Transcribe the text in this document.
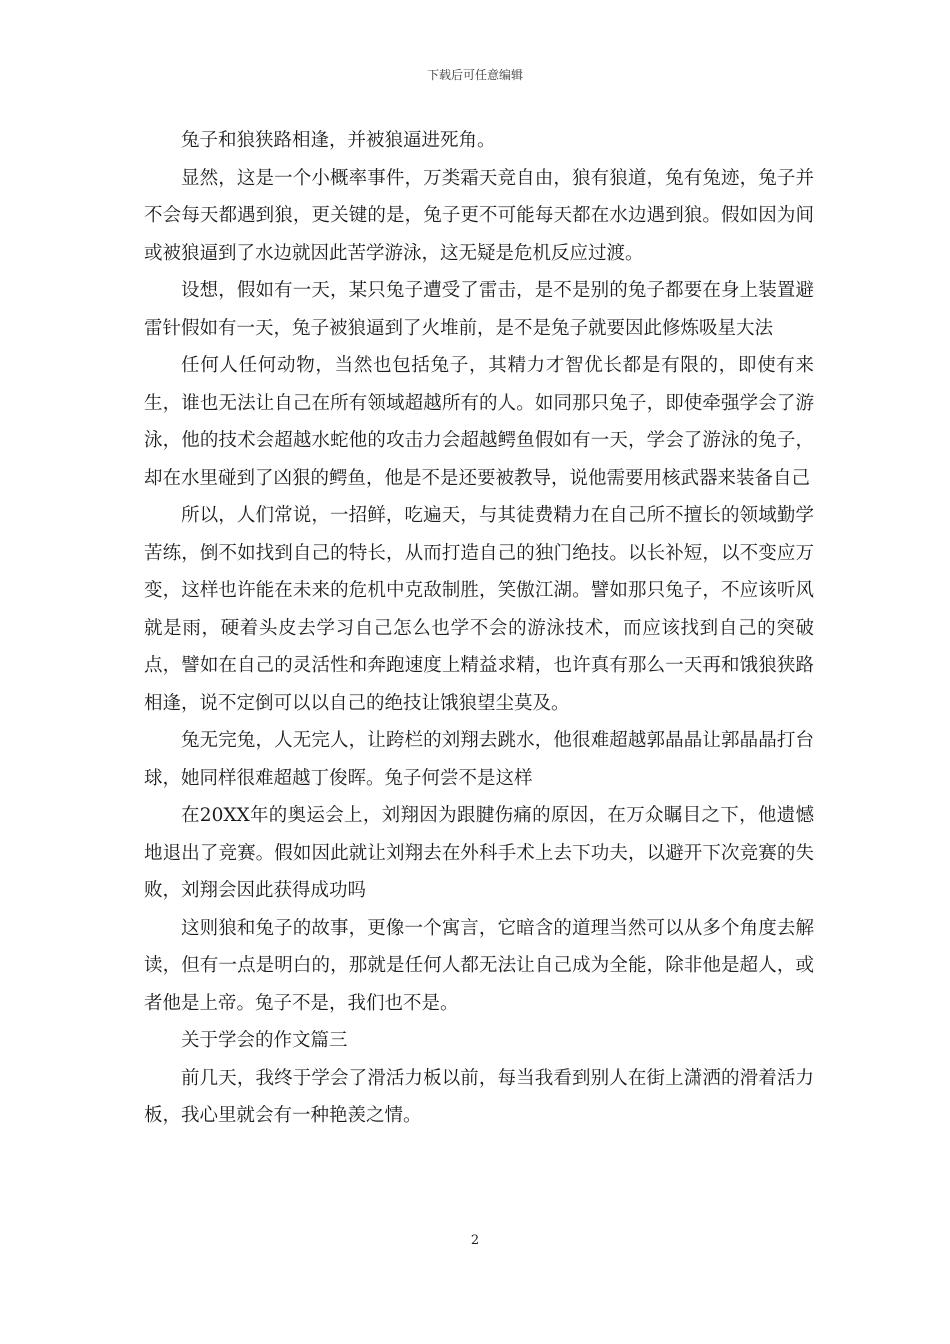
下载后可任意编辑

兔子和狼狭路相逢，并被狼逼进死角。

显然，这是一个小概率事件，万类霜天竞自由，狼有狼道，兔有兔迹，兔子并不会每天都遇到狼，更关键的是，兔子更不可能每天都在水边遇到狼。假如因为间或被狼逼到了水边就因此苦学游泳，这无疑是危机反应过渡。

设想，假如有一天，某只兔子遭受了雷击，是不是别的兔子都要在身上装置避雷针假如有一天，兔子被狼逼到了火堆前，是不是兔子就要因此修炼吸星大法

任何人任何动物，当然也包括兔子，其精力才智优长都是有限的，即使有来生，谁也无法让自己在所有领域超越所有的人。如同那只兔子，即使牵强学会了游泳，他的技术会超越水蛇他的攻击力会超越鳄鱼假如有一天，学会了游泳的兔子，却在水里碰到了凶狠的鳄鱼，他是不是还要被教导，说他需要用核武器来装备自己

所以，人们常说，一招鲜，吃遍天，与其徒费精力在自己所不擅长的领域勤学苦练，倒不如找到自己的特长，从而打造自己的独门绝技。以长补短，以不变应万变，这样也许能在未来的危机中克敌制胜，笑傲江湖。譬如那只兔子，不应该听风就是雨，硬着头皮去学习自己怎么也学不会的游泳技术，而应该找到自己的突破点，譬如在自己的灵活性和奔跑速度上精益求精，也许真有那么一天再和饿狼狭路相逢，说不定倒可以以自己的绝技让饿狼望尘莫及。

兔无完兔，人无完人，让跨栏的刘翔去跳水，他很难超越郭晶晶让郭晶晶打台球，她同样很难超越丁俊晖。兔子何尝不是这样

在20XX年的奥运会上，刘翔因为跟腱伤痛的原因，在万众瞩目之下，他遗憾地退出了竞赛。假如因此就让刘翔去在外科手术上去下功夫，以避开下次竞赛的失败，刘翔会因此获得成功吗

这则狼和兔子的故事，更像一个寓言，它暗含的道理当然可以从多个角度去解读，但有一点是明白的，那就是任何人都无法让自己成为全能，除非他是超人，或者他是上帝。兔子不是，我们也不是。

关于学会的作文篇三

前几天，我终于学会了滑活力板以前，每当我看到别人在街上潇洒的滑着活力板，我心里就会有一种艳羡之情。

2
